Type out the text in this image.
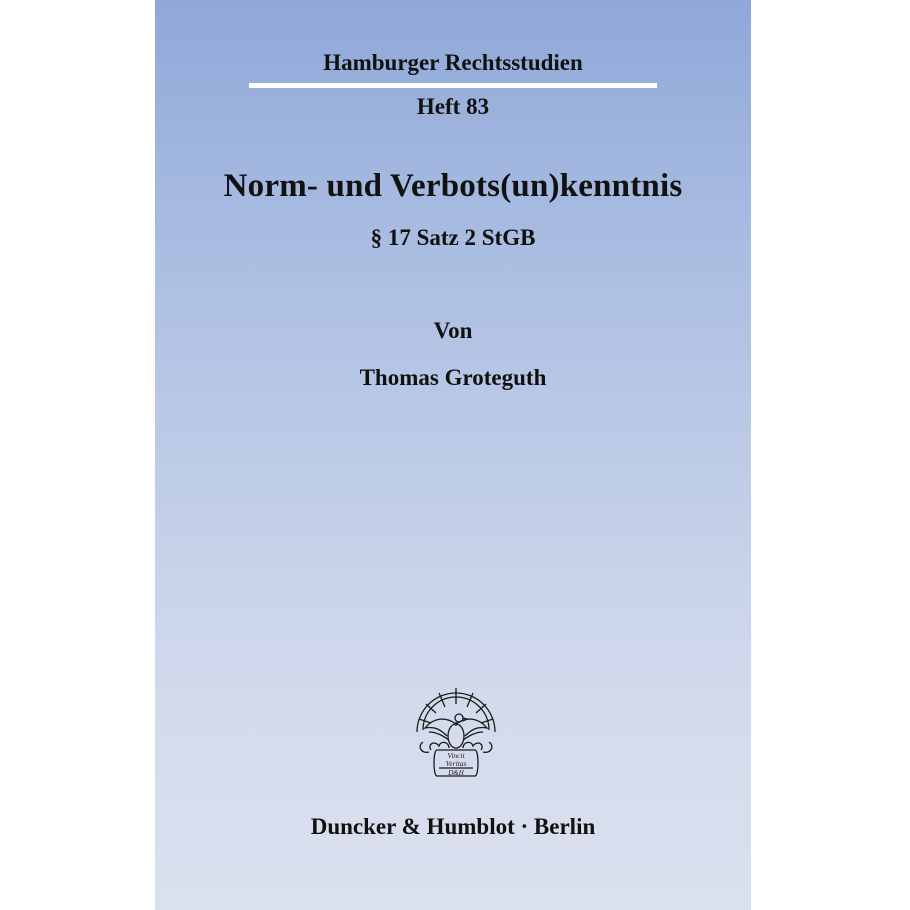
Hamburger Rechtsstudien
Heft 83
Norm- und Verbots(un)kenntnis
§ 17 Satz 2 StGB
Von
Thomas Groteguth
Vincit
Veritas
D&H
Duncker & Humblot · Berlin
